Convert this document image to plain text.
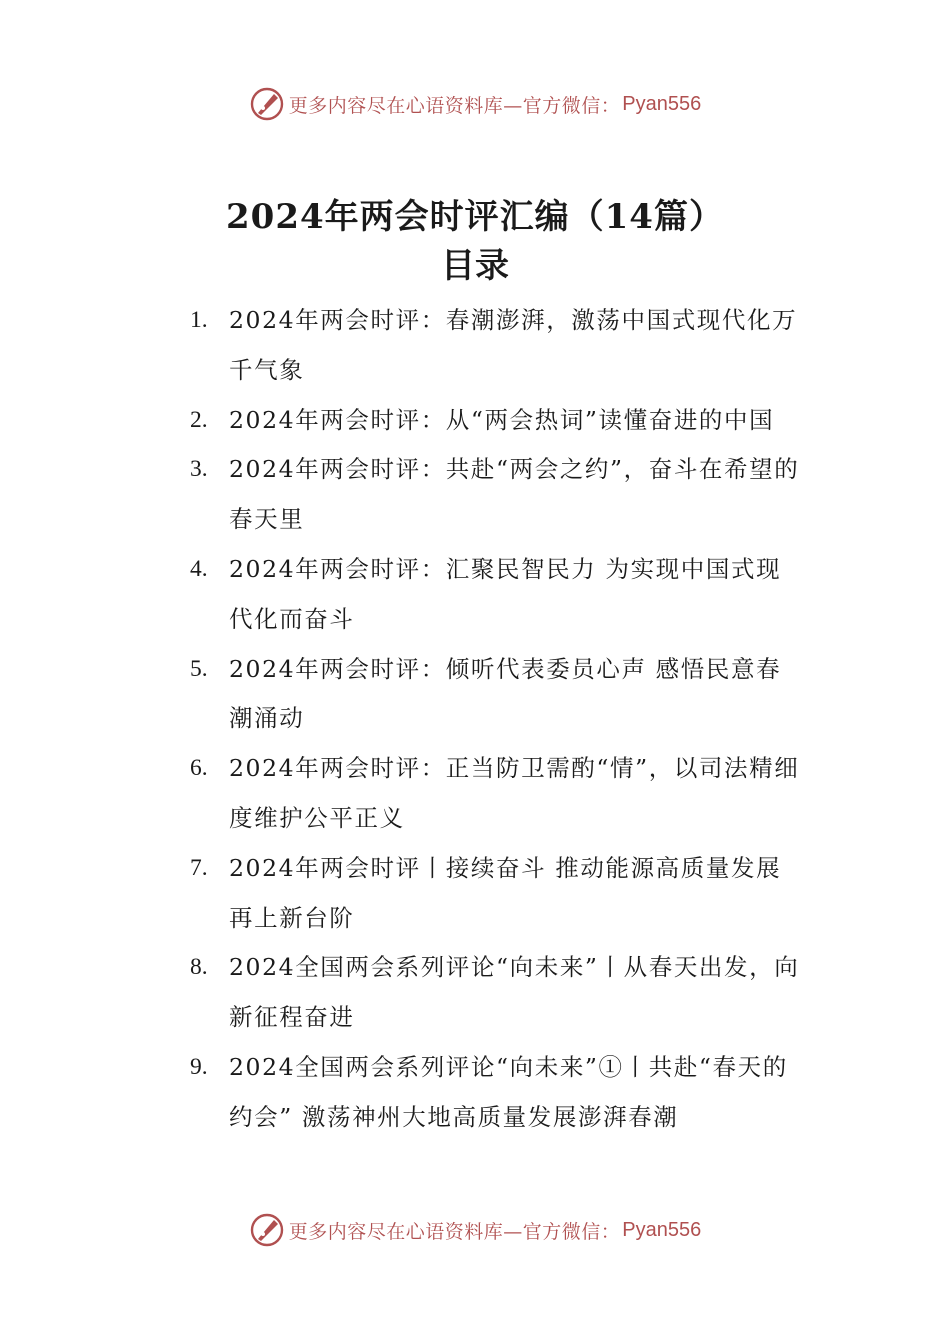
更多内容尽在心语资料库—官方微信： Pyan556
2024年两会时评汇编（14篇）
目录
1. 2024年两会时评：春潮澎湃，激荡中国式现代化万千气象
2. 2024年两会时评：从“两会热词”读懂奋进的中国
3. 2024年两会时评：共赴“两会之约”，奋斗在希望的春天里
4. 2024年两会时评：汇聚民智民力 为实现中国式现代化而奋斗
5. 2024年两会时评：倾听代表委员心声 感悟民意春潮涌动
6. 2024年两会时评：正当防卫需酌“情”，以司法精细度维护公平正义
7. 2024年两会时评丨接续奋斗 推动能源高质量发展再上新台阶
8. 2024全国两会系列评论“向未来”丨从春天出发，向新征程奋进
9. 2024全国两会系列评论“向未来”①丨共赴“春天的约会” 激荡神州大地高质量发展澎湃春潮
更多内容尽在心语资料库—官方微信： Pyan556
